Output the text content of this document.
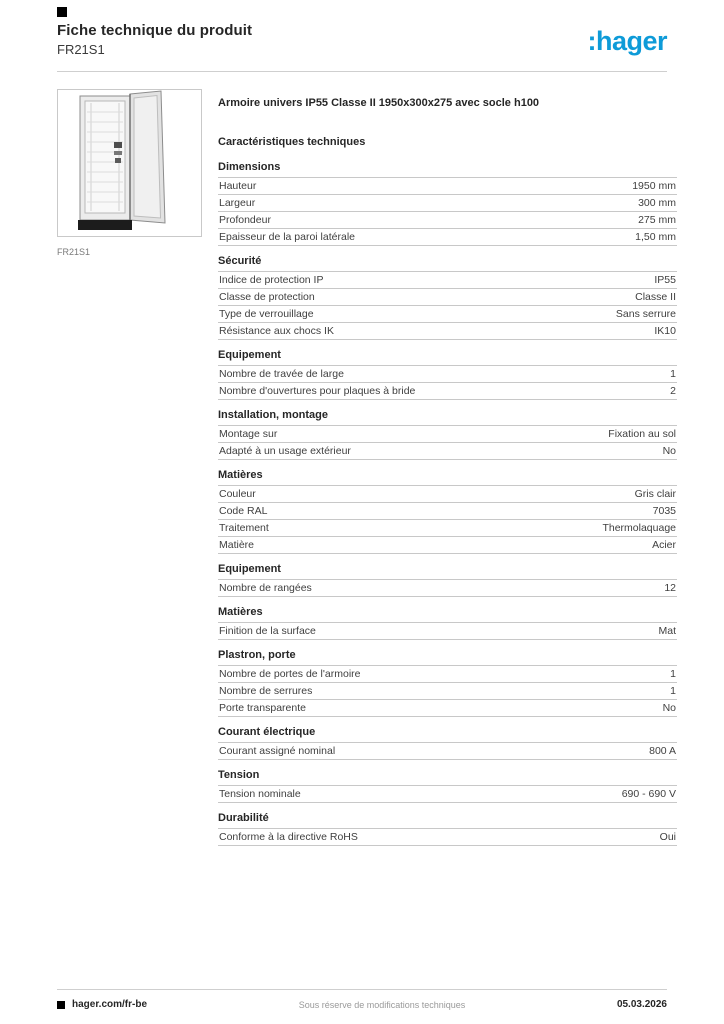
Fiche technique du produit
FR21S1	:hager
FR21S1
Armoire univers IP55 Classe II 1950x300x275 avec socle h100
Caractéristiques techniques
Dimensions
Hauteur	1950 mm
Largeur	300 mm
Profondeur	275 mm
Epaisseur de la paroi latérale	1,50 mm
Sécurité
Indice de protection IP	IP55
Classe de protection	Classe II
Type de verrouillage	Sans serrure
Résistance aux chocs IK	IK10
Equipement
Nombre de travée de large	1
Nombre d'ouvertures pour plaques à bride	2
Installation, montage
Montage sur	Fixation au sol
Adapté à un usage extérieur	No
Matières
Couleur	Gris clair
Code RAL	7035
Traitement	Thermolaquage
Matière	Acier
Equipement
Nombre de rangées	12
Matières
Finition de la surface	Mat
Plastron, porte
Nombre de portes de l'armoire	1
Nombre de serrures	1
Porte transparente	No
Courant électrique
Courant assigné nominal	800 A
Tension
Tension nominale	690 - 690 V
Durabilité
Conforme à la directive RoHS	Oui
hager.com/fr-be	Sous réserve de modifications techniques	05.03.2026
